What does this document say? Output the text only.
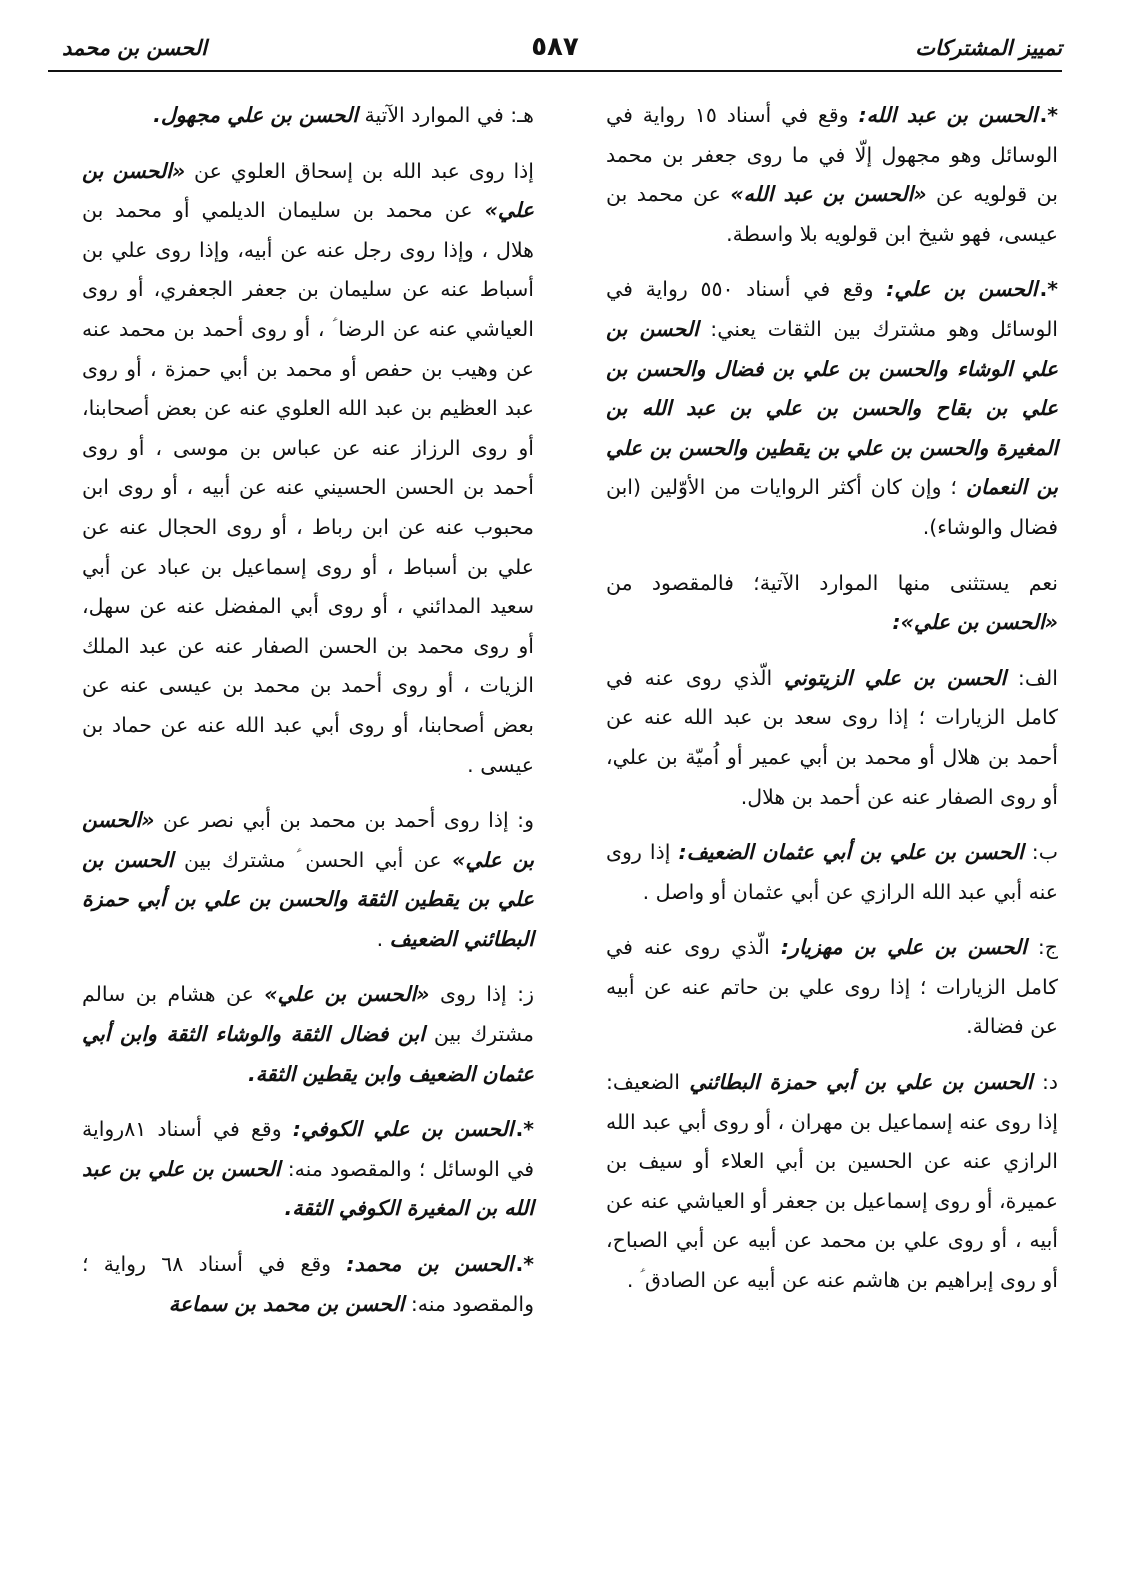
تمييز المشتركات
٥٨٧
الحسن بن محمد

*.الحسن بن عبد الله: وقع في أسناد ١٥ رواية في الوسائل وهو مجهول إلّا في ما روى جعفر بن محمد بن قولويه عن «الحسن بن عبد الله» عن محمد بن عيسى، فهو شيخ ابن قولويه بلا واسطة.

*.الحسن بن علي: وقع في أسناد ٥٥٠ رواية في الوسائل وهو مشترك بين الثقات يعني: الحسن بن علي الوشاء والحسن بن علي بن فضال والحسن بن علي بن بقاح والحسن بن علي بن عبد الله بن المغيرة والحسن بن علي بن يقطين والحسن بن علي بن النعمان ؛ وإن كان أكثر الروايات من الأوّلين (ابن فضال والوشاء).

نعم يستثنى منها الموارد الآتية؛ فالمقصود من «الحسن بن علي»:

الف: الحسن بن علي الزيتوني الّذي روى عنه في كامل الزيارات ؛ إذا روى سعد بن عبد الله عنه عن أحمد بن هلال أو محمد بن أبي عمير أو اُميّة بن علي، أو روى الصفار عنه عن أحمد بن هلال.

ب: الحسن بن علي بن أبي عثمان الضعيف: إذا روى عنه أبي عبد الله الرازي عن أبي عثمان أو واصل .

ج: الحسن بن علي بن مهزيار: الّذي روى عنه في كامل الزيارات ؛ إذا روى علي بن حاتم عنه عن أبيه عن فضالة.

د: الحسن بن علي بن أبي حمزة البطائني الضعيف: إذا روى عنه إسماعيل بن مهران ، أو روى أبي عبد الله الرازي عنه عن الحسين بن أبي العلاء أو سيف بن عميرة، أو روى إسماعيل بن جعفر أو العياشي عنه عن أبيه ، أو روى علي بن محمد عن أبيه عن أبي الصباح، أو روى إبراهيم بن هاشم عنه عن أبيه عن الصادق ؑ .

هـ: في الموارد الآتية الحسن بن علي مجهول.

إذا روى عبد الله بن إسحاق العلوي عن «الحسن بن علي» عن محمد بن سليمان الديلمي أو محمد بن هلال ، وإذا روى رجل عنه عن أبيه، وإذا روى علي بن أسباط عنه عن سليمان بن جعفر الجعفري، أو روى العياشي عنه عن الرضا ؑ ، أو روى أحمد بن محمد عنه عن وهيب بن حفص أو محمد بن أبي حمزة ، أو روى عبد العظيم بن عبد الله العلوي عنه عن بعض أصحابنا، أو روى الرزاز عنه عن عباس بن موسى ، أو روى أحمد بن الحسن الحسيني عنه عن أبيه ، أو روى ابن محبوب عنه عن ابن رباط ، أو روى الحجال عنه عن علي بن أسباط ، أو روى إسماعيل بن عباد عن أبي سعيد المدائني ، أو روى أبي المفضل عنه عن سهل، أو روى محمد بن الحسن الصفار عنه عن عبد الملك الزيات ، أو روى أحمد بن محمد بن عيسى عنه عن بعض أصحابنا، أو روى أبي عبد الله عنه عن حماد بن عيسى .

و: إذا روى أحمد بن محمد بن أبي نصر عن «الحسن بن علي» عن أبي الحسن ؑ مشترك بين الحسن بن علي بن يقطين الثقة والحسن بن علي بن أبي حمزة البطائني الضعيف .

ز: إذا روى «الحسن بن علي» عن هشام بن سالم مشترك بين ابن فضال الثقة والوشاء الثقة وابن أبي عثمان الضعيف وابن يقطين الثقة.

*.الحسن بن علي الكوفي: وقع في أسناد ٨١رواية في الوسائل ؛ والمقصود منه: الحسن بن علي بن عبد الله بن المغيرة الكوفي الثقة.

*.الحسن بن محمد: وقع في أسناد ٦٨ رواية ؛ والمقصود منه: الحسن بن محمد بن سماعة
